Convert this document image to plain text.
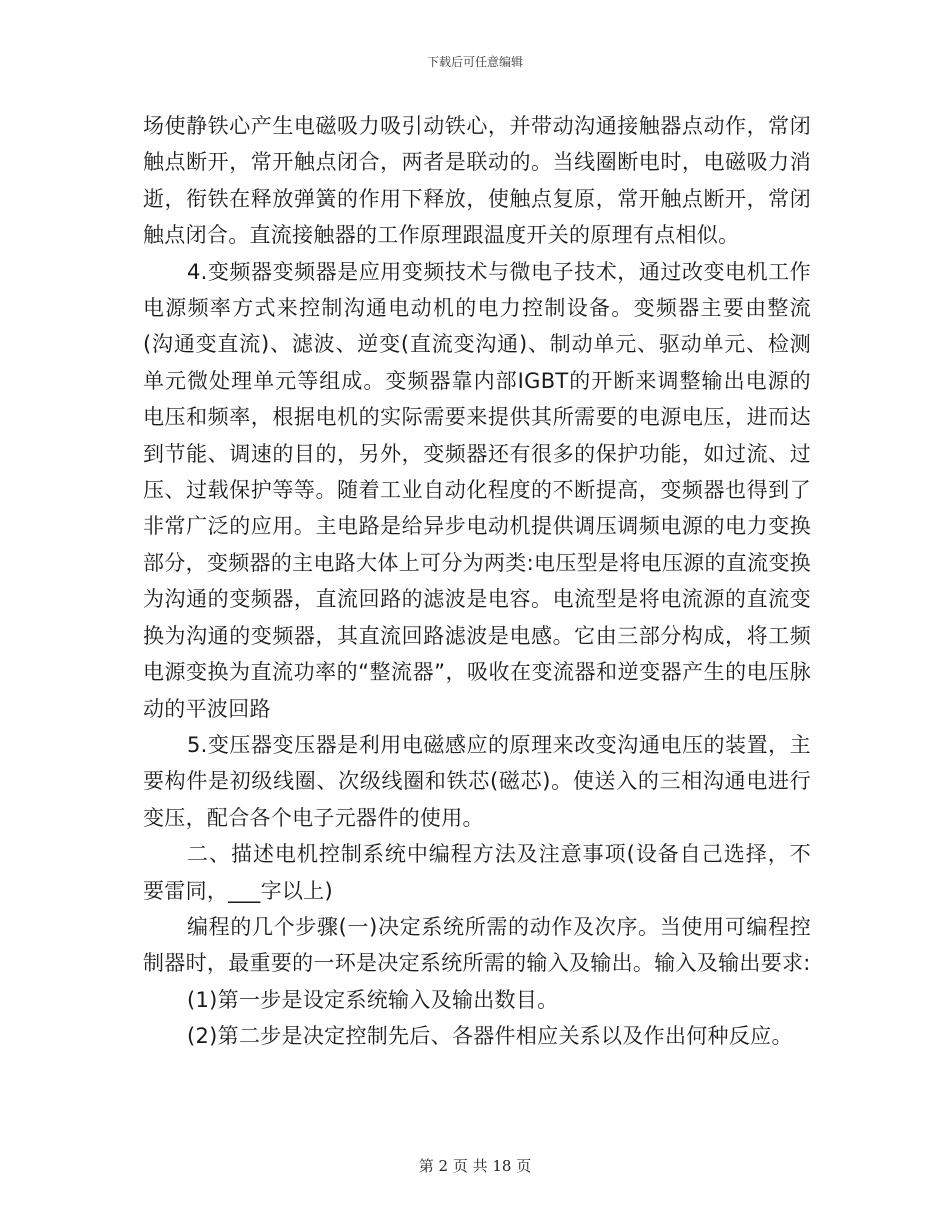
下载后可任意编辑

场使静铁心产生电磁吸力吸引动铁心，并带动沟通接触器点动作，常闭触点断开，常开触点闭合，两者是联动的。当线圈断电时，电磁吸力消逝，衔铁在释放弹簧的作用下释放，使触点复原，常开触点断开，常闭触点闭合。直流接触器的工作原理跟温度开关的原理有点相似。

4.变频器变频器是应用变频技术与微电子技术，通过改变电机工作电源频率方式来控制沟通电动机的电力控制设备。变频器主要由整流(沟通变直流)、滤波、逆变(直流变沟通)、制动单元、驱动单元、检测单元微处理单元等组成。变频器靠内部IGBT的开断来调整输出电源的电压和频率，根据电机的实际需要来提供其所需要的电源电压，进而达到节能、调速的目的，另外，变频器还有很多的保护功能，如过流、过压、过载保护等等。随着工业自动化程度的不断提高，变频器也得到了非常广泛的应用。主电路是给异步电动机提供调压调频电源的电力变换部分，变频器的主电路大体上可分为两类:电压型是将电压源的直流变换为沟通的变频器，直流回路的滤波是电容。电流型是将电流源的直流变换为沟通的变频器，其直流回路滤波是电感。它由三部分构成，将工频电源变换为直流功率的“整流器”，吸收在变流器和逆变器产生的电压脉动的平波回路

5.变压器变压器是利用电磁感应的原理来改变沟通电压的装置，主要构件是初级线圈、次级线圈和铁芯(磁芯)。使送入的三相沟通电进行变压，配合各个电子元器件的使用。

二、描述电机控制系统中编程方法及注意事项(设备自己选择，不要雷同，___字以上)

编程的几个步骤(一)决定系统所需的动作及次序。当使用可编程控制器时，最重要的一环是决定系统所需的输入及输出。输入及输出要求:

(1)第一步是设定系统输入及输出数目。

(2)第二步是决定控制先后、各器件相应关系以及作出何种反应。

第 2 页 共 18 页
